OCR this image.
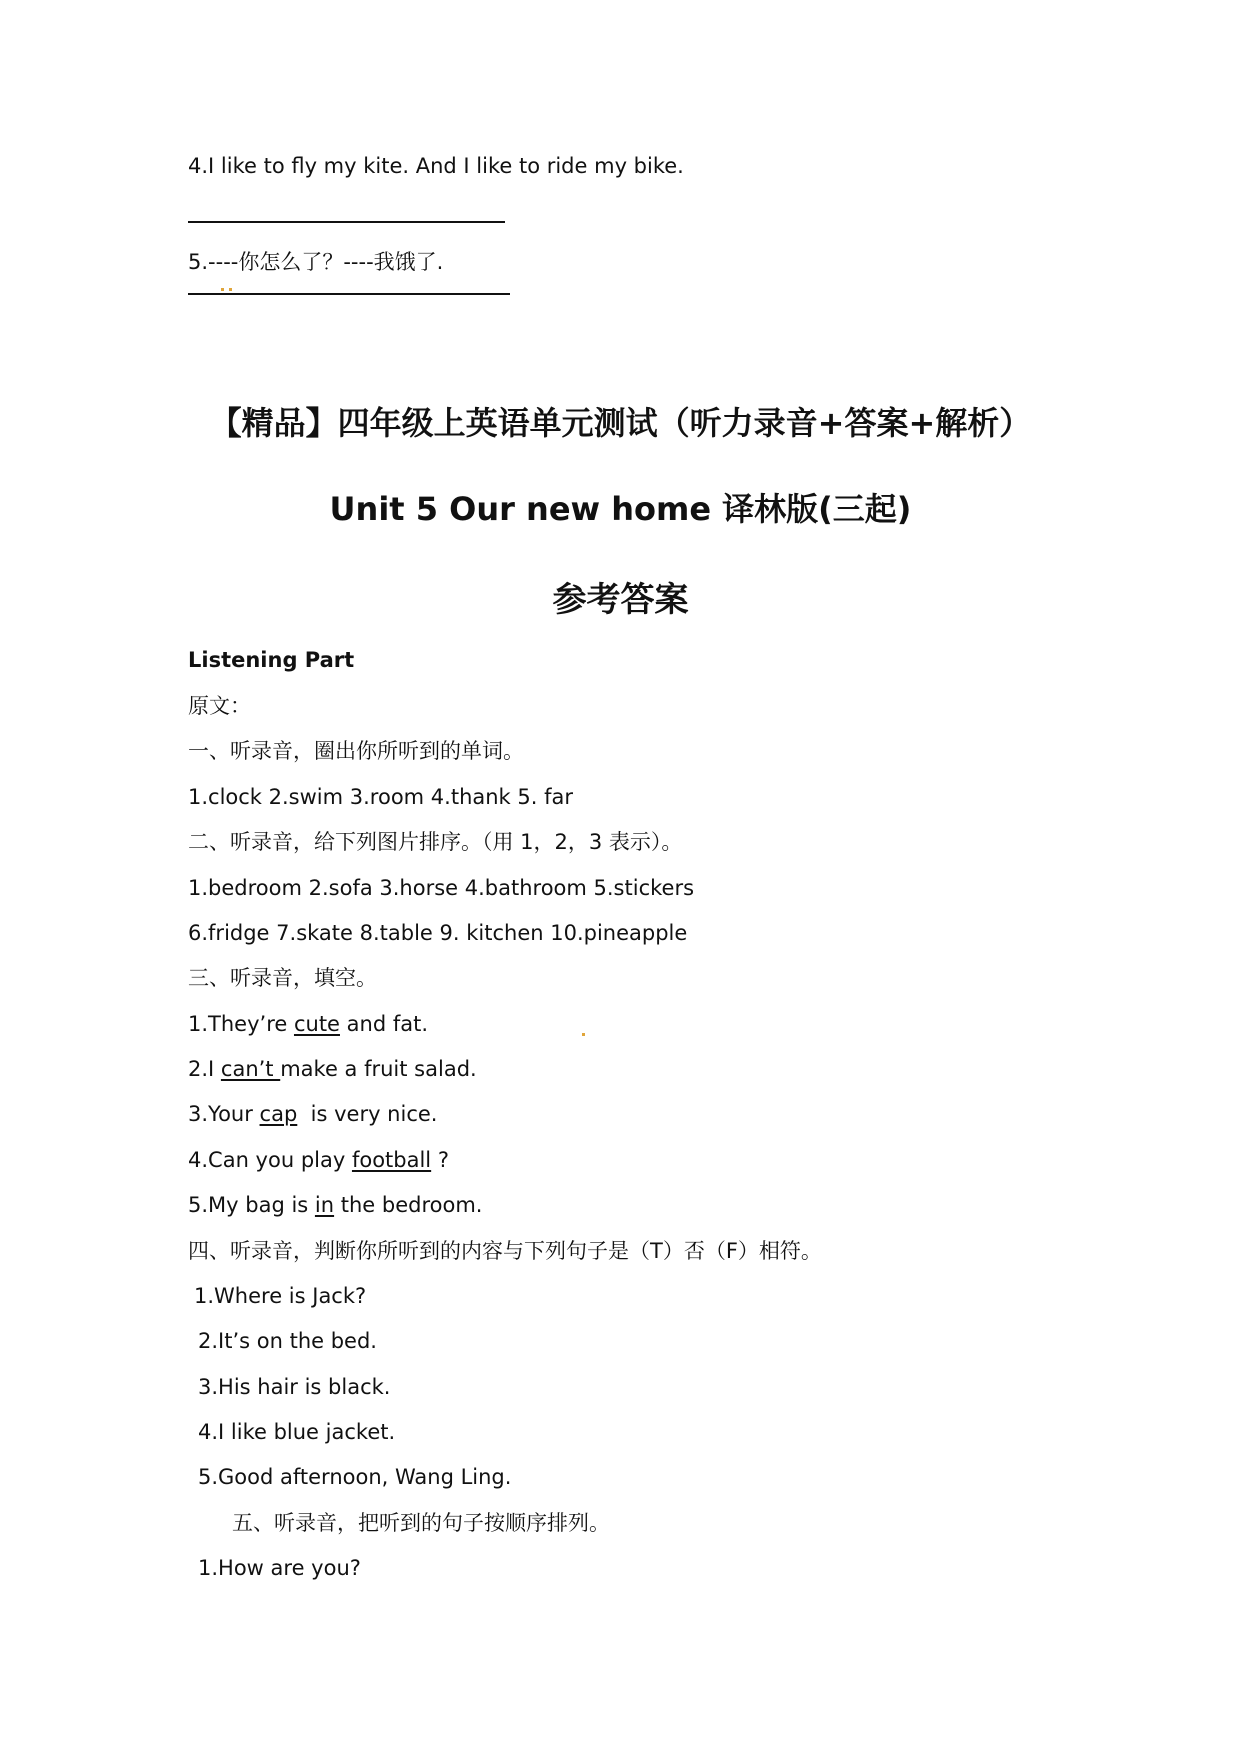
4.I like to fly my kite. And I like to ride my bike.
5.----你怎么了？----我饿了.
【精品】四年级上英语单元测试（听力录音+答案+解析）
Unit 5 Our new home 译林版(三起)
参考答案
Listening Part
原文：
一、听录音，圈出你所听到的单词。
1.clock 2.swim 3.room 4.thank 5. far
二、听录音，给下列图片排序。（用 1，2，3 表示）。
1.bedroom 2.sofa 3.horse 4.bathroom 5.stickers
6.fridge 7.skate 8.table 9. kitchen 10.pineapple
三、听录音，填空。
1.They’re cute and fat.
2.I can’t make a fruit salad.
3.Your cap  is very nice.
4.Can you play football ?
5.My bag is in the bedroom.
四、听录音，判断你所听到的内容与下列句子是（T）否（F）相符。
1.Where is Jack?
2.It’s on the bed.
3.His hair is black.
4.I like blue jacket.
5.Good afternoon, Wang Ling.
五、听录音，把听到的句子按顺序排列。
1.How are you?
